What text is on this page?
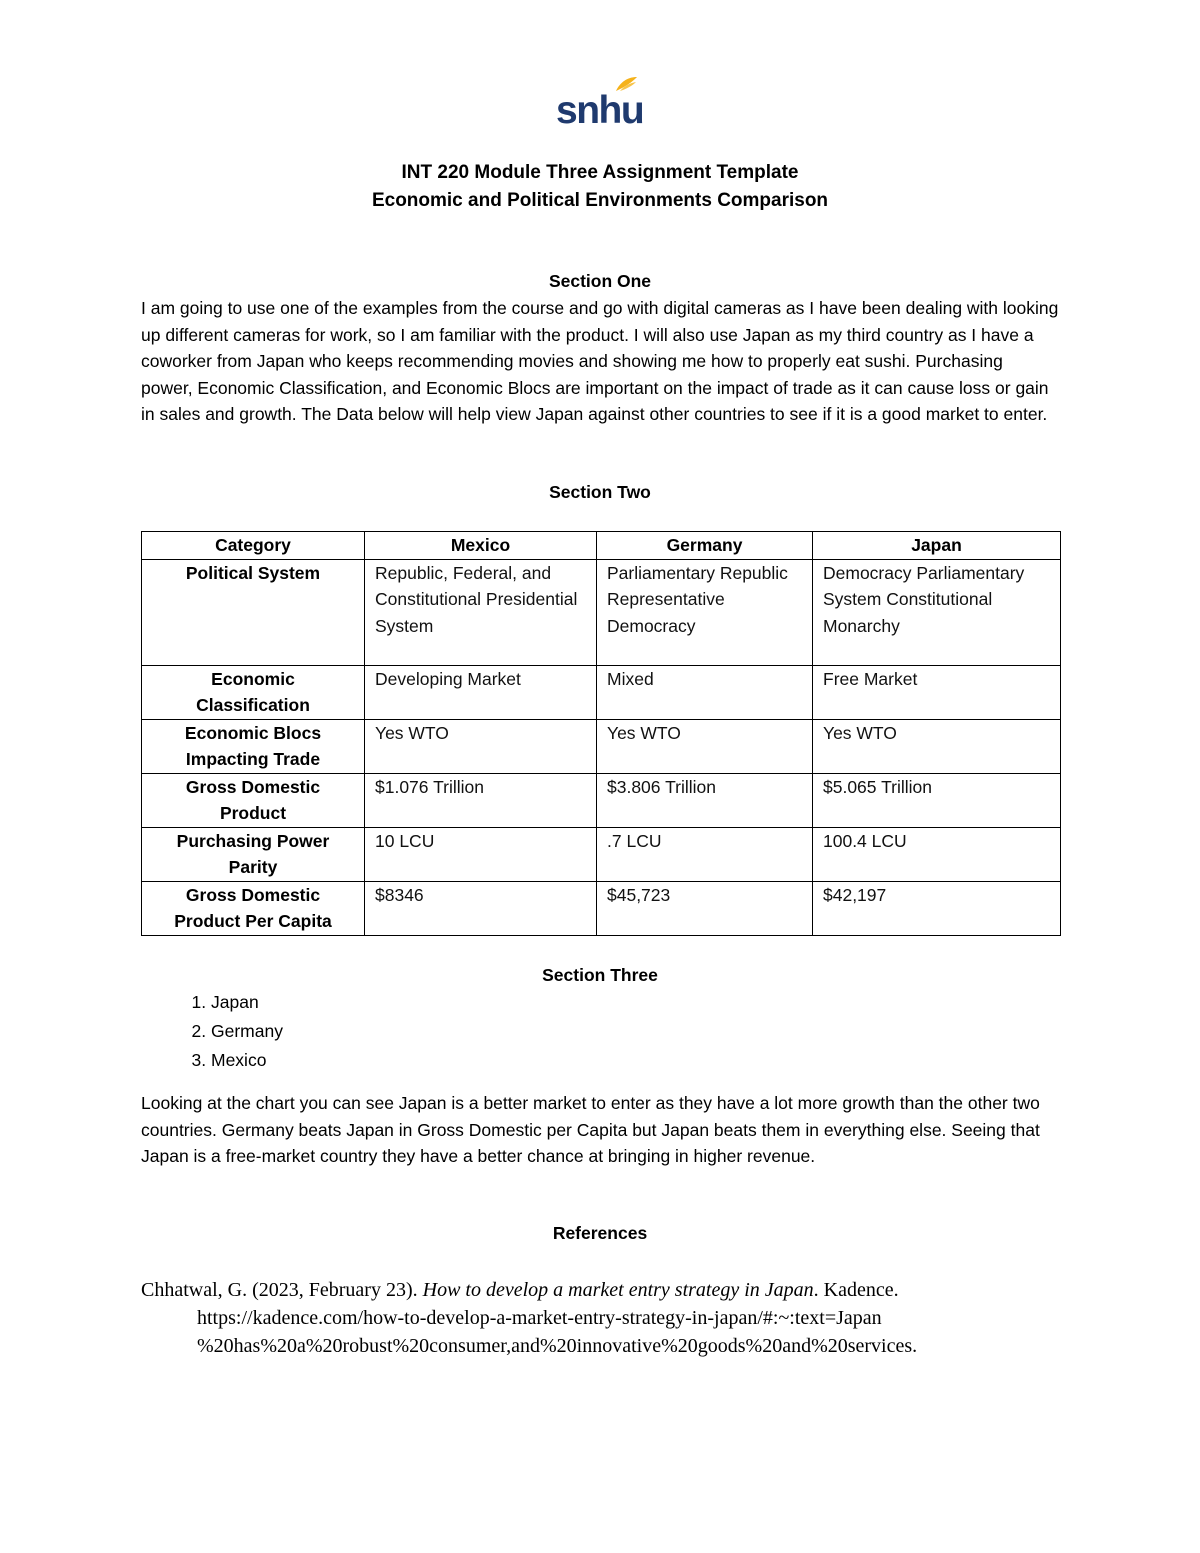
snhu
INT 220 Module Three Assignment Template
Economic and Political Environments Comparison
Section One
I am going to use one of the examples from the course and go with digital cameras as I have been dealing with looking up different cameras for work, so I am familiar with the product. I will also use Japan as my third country as I have a coworker from Japan who keeps recommending movies and showing me how to properly eat sushi. Purchasing power, Economic Classification, and Economic Blocs are important on the impact of trade as it can cause loss or gain in sales and growth. The Data below will help view Japan against other countries to see if it is a good market to enter.
Section Two
Category	Mexico	Germany	Japan
Political System	Republic, Federal, and Constitutional Presidential System	Parliamentary Republic Representative Democracy	Democracy Parliamentary System Constitutional Monarchy
Economic Classification	Developing Market	Mixed	Free Market
Economic Blocs Impacting Trade	Yes WTO	Yes WTO	Yes WTO
Gross Domestic Product	$1.076 Trillion	$3.806 Trillion	$5.065 Trillion
Purchasing Power Parity	10 LCU	.7 LCU	100.4 LCU
Gross Domestic Product Per Capita	$8346	$45,723	$42,197
Section Three
1. Japan
2. Germany
3. Mexico
Looking at the chart you can see Japan is a better market to enter as they have a lot more growth than the other two countries. Germany beats Japan in Gross Domestic per Capita but Japan beats them in everything else. Seeing that Japan is a free-market country they have a better chance at bringing in higher revenue.
References
Chhatwal, G. (2023, February 23). How to develop a market entry strategy in Japan. Kadence.
https://kadence.com/how-to-develop-a-market-entry-strategy-in-japan/#:~:text=Japan
%20has%20a%20robust%20consumer,and%20innovative%20goods%20and%20services.
